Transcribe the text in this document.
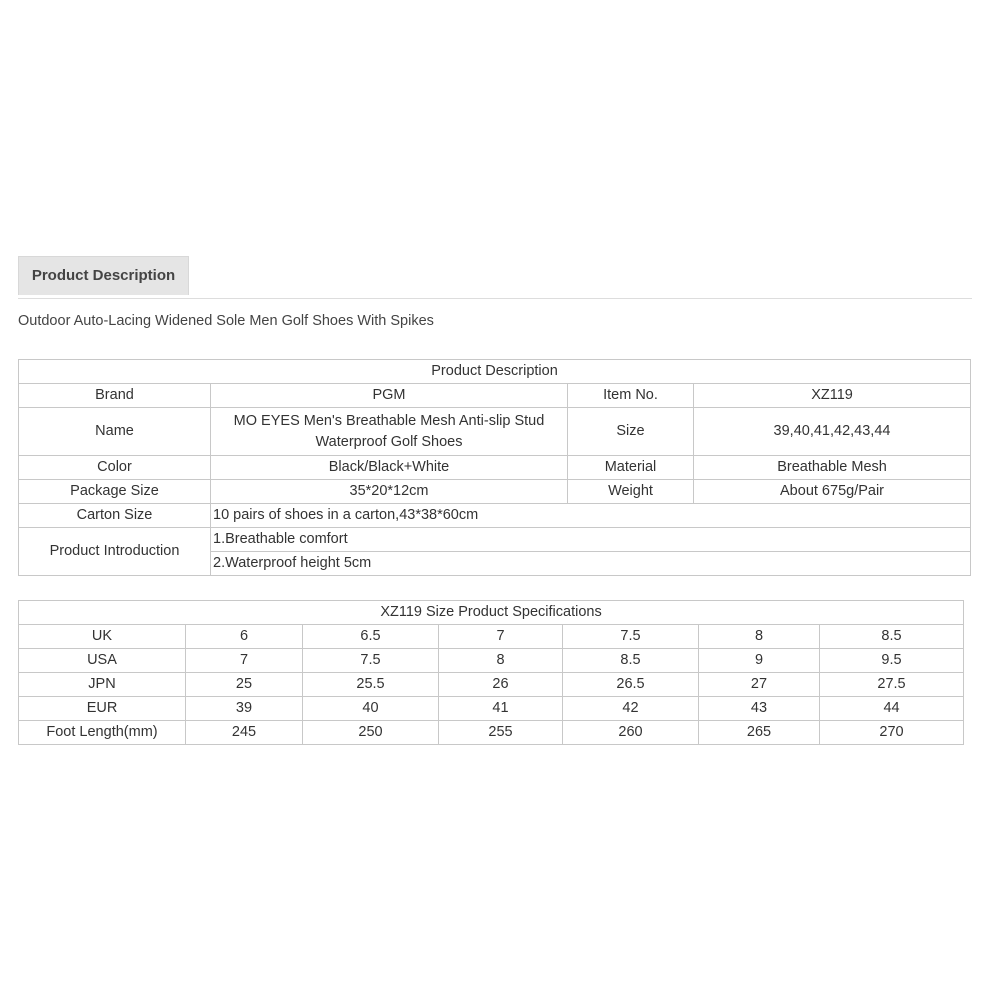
Product Description
Outdoor Auto-Lacing Widened Sole Men Golf Shoes With Spikes
Product Description			
Brand	PGM	Item No.	XZ119
Name	MO EYES Men's Breathable Mesh Anti-slip Stud Waterproof Golf Shoes	Size	39,40,41,42,43,44
Color	Black/Black+White	Material	Breathable Mesh
Package Size	35*20*12cm	Weight	About 675g/Pair
Carton Size	10 pairs of shoes in a carton,43*38*60cm		
Product Introduction	1.Breathable comfort		
	2.Waterproof height 5cm		
XZ119 Size Product Specifications						
UK	6	6.5	7	7.5	8	8.5
USA	7	7.5	8	8.5	9	9.5
JPN	25	25.5	26	26.5	27	27.5
EUR	39	40	41	42	43	44
Foot Length(mm)	245	250	255	260	265	270
